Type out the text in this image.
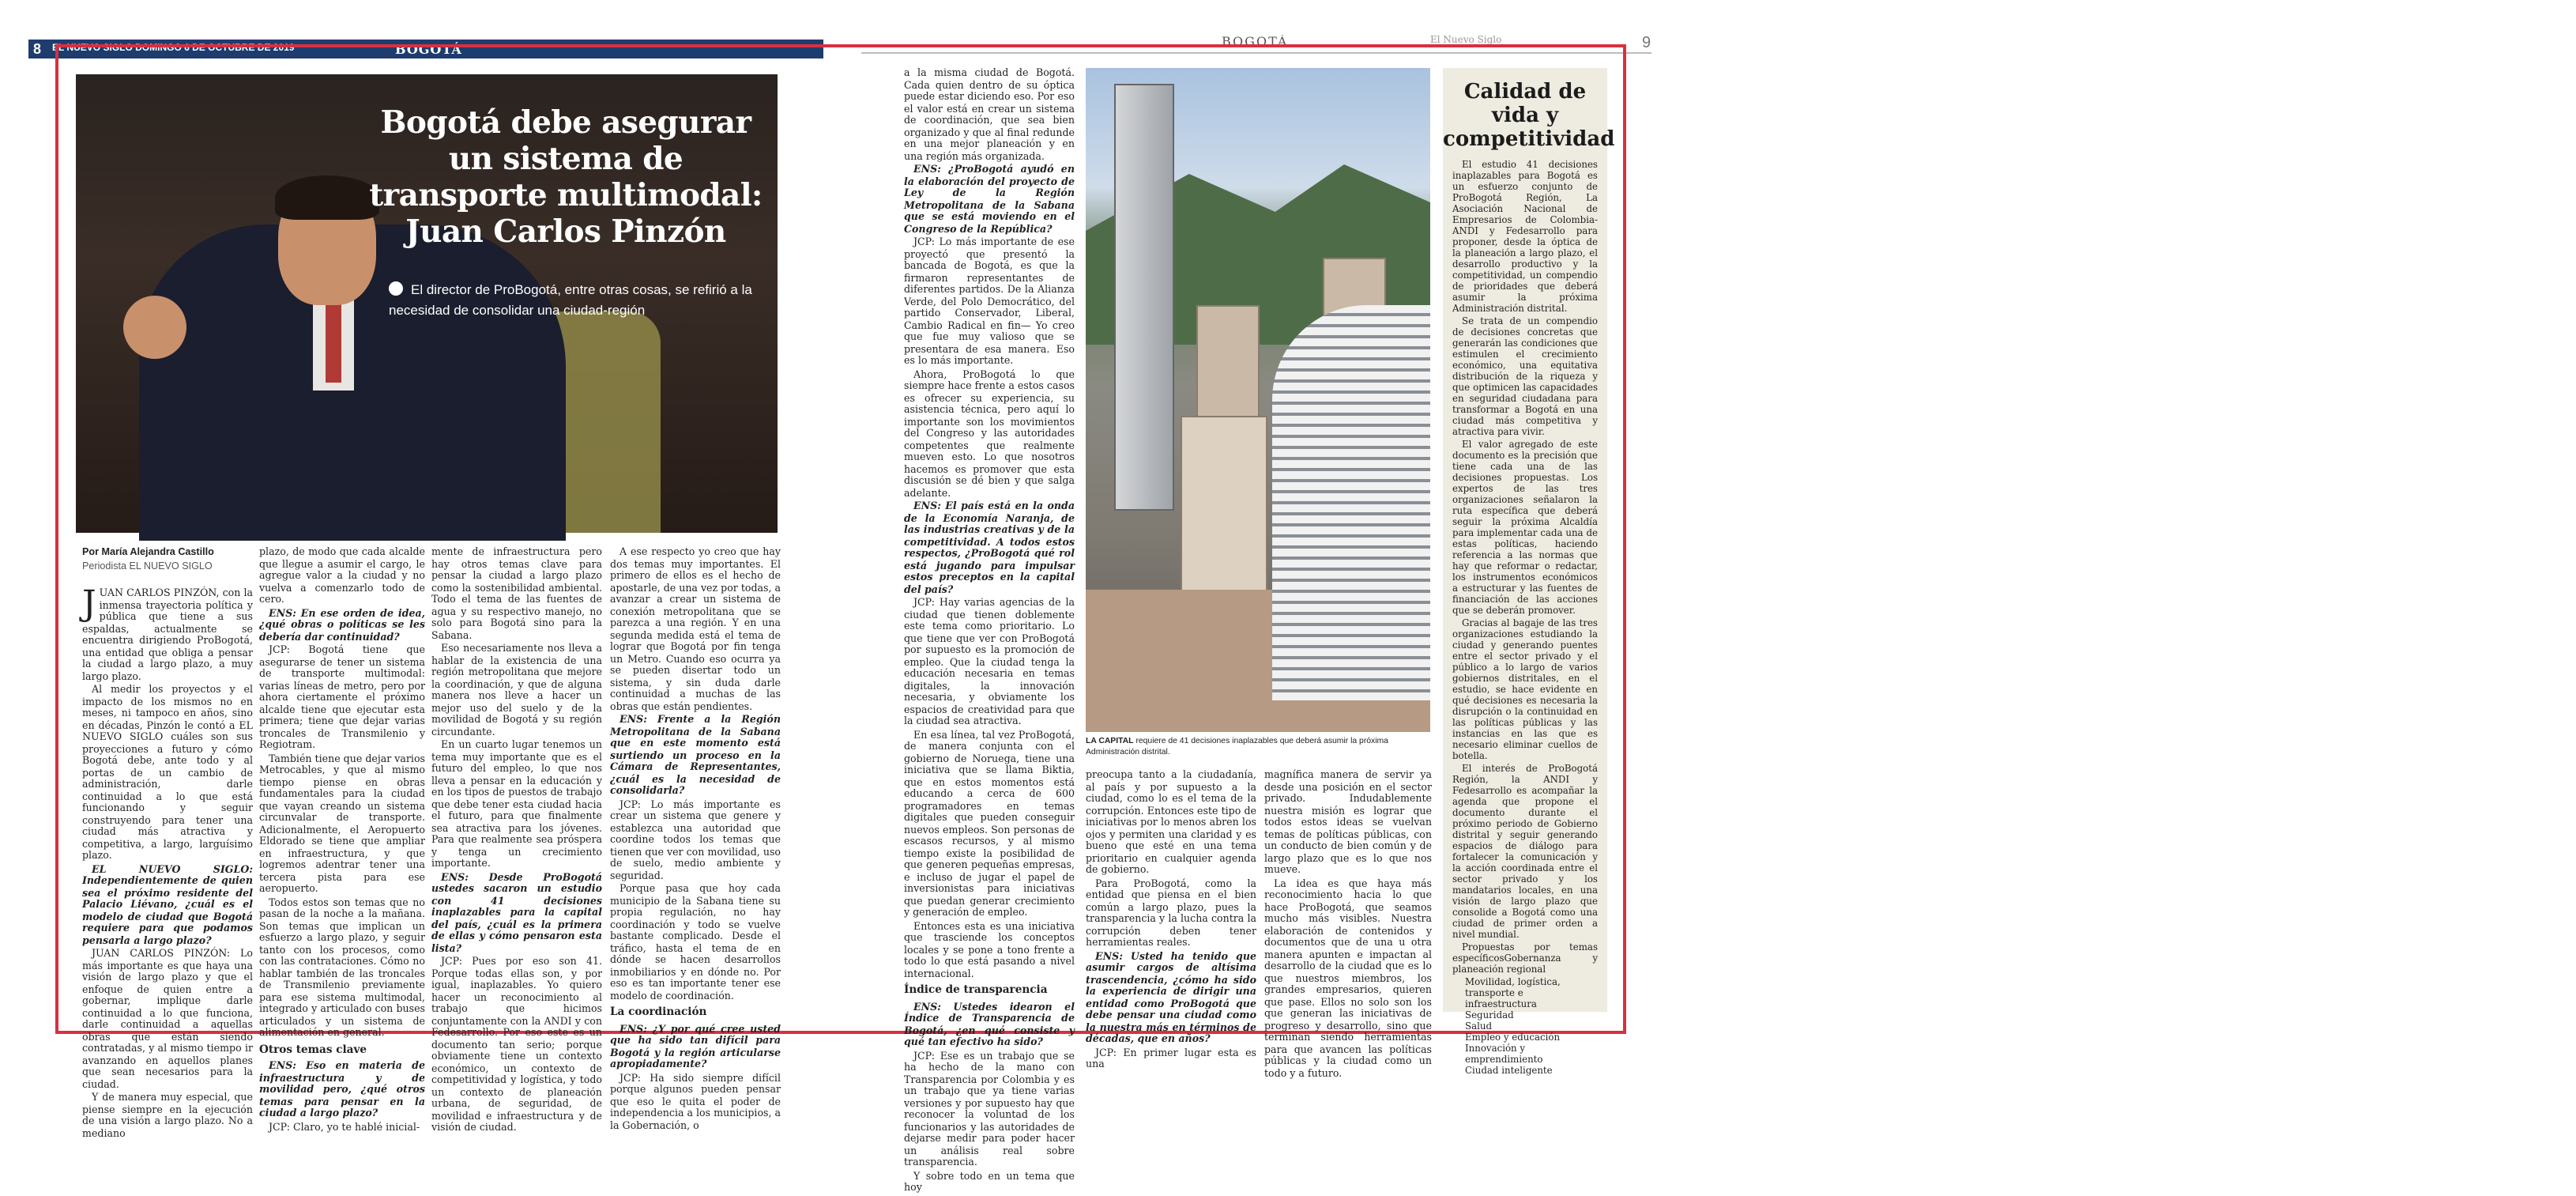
8 EL NUEVO SIGLO DOMINGO 6 DE OCTUBRE DE 2019	BOGOTÁ	BOGOTÁ	El Nuevo Siglo	9
Bogotá debe asegurar un sistema de transporte multimodal: Juan Carlos Pinzón
El director de ProBogotá, entre otras cosas, se refirió a la necesidad de consolidar una ciudad-región

Por María Alejandra Castillo

Periodista EL NUEVO SIGLO

JUAN CARLOS PINZÓN, con la inmensa trayectoria política y pública que tiene a sus espaldas, actualmente se encuentra dirigiendo ProBogotá, una entidad que obliga a pensar la ciudad a largo plazo, a muy largo plazo.

Al medir los proyectos y el impacto de los mismos no en meses, ni tampoco en años, sino en décadas, Pinzón le contó a EL NUEVO SIGLO cuáles son sus proyecciones a futuro y cómo Bogotá debe, ante todo y al portas de un cambio de administración, darle continuidad a lo que está funcionando y seguir construyendo para tener una ciudad más atractiva y competitiva, a largo, larguísimo plazo.

EL NUEVO SIGLO: Independientemente de quien sea el próximo residente del Palacio Liévano, ¿cuál es el modelo de ciudad que Bogotá requiere para que podamos pensarla a largo plazo?

JUAN CARLOS PINZÓN: Lo más importante es que haya una visión de largo plazo y que el enfoque de quien entre a gobernar, implique darle continuidad a lo que funciona, darle continuidad a aquellas obras que están siendo contratadas, y al mismo tiempo ir avanzando en aquellos planes que sean necesarios para la ciudad.

Y de manera muy especial, que piense siempre en la ejecución de una visión a largo plazo. No a mediano

plazo, de modo que cada alcalde que llegue a asumir el cargo, le agregue valor a la ciudad y no vuelva a comenzarlo todo de cero.

ENS: En ese orden de idea, ¿qué obras o políticas se les debería dar continuidad?

JCP: Bogotá tiene que asegurarse de tener un sistema de transporte multimodal: varias líneas de metro, pero por ahora ciertamente el próximo alcalde tiene que ejecutar esta primera; tiene que dejar varias troncales de Transmilenio y Regiotram.

También tiene que dejar varios Metrocables, y que al mismo tiempo piense en obras fundamentales para la ciudad que vayan creando un sistema circunvalar de transporte. Adicionalmente, el Aeropuerto Eldorado se tiene que ampliar en infraestructura, y que logremos adentrar tener una tercera pista para ese aeropuerto.

Todos estos son temas que no pasan de la noche a la mañana. Son temas que implican un esfuerzo a largo plazo, y seguir tanto con los procesos, como con las contrataciones. Cómo no hablar también de las troncales de Transmilenio previamente para ese sistema multimodal, integrado y articulado con buses articulados y un sistema de alimentación en general.

Otros temas clave

ENS: Eso en materia de infraestructura y de movilidad pero, ¿qué otros temas para pensar en la ciudad a largo plazo?

JCP: Claro, yo te hablé inicial-

mente de infraestructura pero hay otros temas clave para pensar la ciudad a largo plazo como la sostenibilidad ambiental. Todo el tema de las fuentes de agua y su respectivo manejo, no solo para Bogotá sino para la Sabana.

Eso necesariamente nos lleva a hablar de la existencia de una región metropolitana que mejore la coordinación, y que de alguna manera nos lleve a hacer un mejor uso del suelo y de la movilidad de Bogotá y su región circundante.

En un cuarto lugar tenemos un tema muy importante que es el futuro del empleo, lo que nos lleva a pensar en la educación y en los tipos de puestos de trabajo que debe tener esta ciudad hacia el futuro, para que finalmente sea atractiva para los jóvenes. Para que realmente sea próspera y tenga un crecimiento importante.

ENS: Desde ProBogotá ustedes sacaron un estudio con 41 decisiones inaplazables para la capital del país, ¿cuál es la primera de ellas y cómo pensaron esta lista?

JCP: Pues por eso son 41. Porque todas ellas son, y por igual, inaplazables. Yo quiero hacer un reconocimiento al trabajo que hicimos conjuntamente con la ANDI y con Fedesarrollo. Por eso este es un documento tan serio; porque obviamente tiene un contexto económico, un contexto de competitividad y logística, y todo un contexto de planeación urbana, de seguridad, de movilidad e infraestructura y de visión de ciudad.

A ese respecto yo creo que hay dos temas muy importantes. El primero de ellos es el hecho de apostarle, de una vez por todas, a avanzar a crear un sistema de conexión metropolitana que se parezca a una región. Y en una segunda medida está el tema de lograr que Bogotá por fin tenga un Metro. Cuando eso ocurra ya se pueden disertar todo un sistema, y sin duda darle continuidad a muchas de las obras que están pendientes.

ENS: Frente a la Región Metropolitana de la Sabana que en este momento está surtiendo un proceso en la Cámara de Representantes, ¿cuál es la necesidad de consolidarla?

JCP: Lo más importante es crear un sistema que genere y establezca una autoridad que coordine todos los temas que tienen que ver con movilidad, uso de suelo, medio ambiente y seguridad.

Porque pasa que hoy cada municipio de la Sabana tiene su propia regulación, no hay coordinación y todo se vuelve bastante complicado. Desde el tráfico, hasta el tema de en dónde se hacen desarrollos inmobiliarios y en dónde no. Por eso es tan importante tener ese modelo de coordinación.

La coordinación

ENS: ¿Y por qué cree usted que ha sido tan difícil para Bogotá y la región articularse apropiadamente?

JCP: Ha sido siempre difícil porque algunos pueden pensar que eso le quita el poder de independencia a los municipios, a la Gobernación, o

a la misma ciudad de Bogotá. Cada quien dentro de su óptica puede estar diciendo eso. Por eso el valor está en crear un sistema de coordinación, que sea bien organizado y que al final redunde en una mejor planeación y en una región más organizada.

ENS: ¿ProBogotá ayudó en la elaboración del proyecto de Ley de la Región Metropolitana de la Sabana que se está moviendo en el Congreso de la República?

JCP: Lo más importante de ese proyectó que presentó la bancada de Bogotá, es que la firmaron representantes de diferentes partidos. De la Alianza Verde, del Polo Democrático, del partido Conservador, Liberal, Cambio Radical en fin— Yo creo que fue muy valioso que se presentara de esa manera. Eso es lo más importante.

Ahora, ProBogotá lo que siempre hace frente a estos casos es ofrecer su experiencia, su asistencia técnica, pero aquí lo importante son los movimientos del Congreso y las autoridades competentes que realmente mueven esto. Lo que nosotros hacemos es promover que esta discusión se dé bien y que salga adelante.

ENS: El país está en la onda de la Economía Naranja, de las industrias creativas y de la competitividad. A todos estos respectos, ¿ProBogotá qué rol está jugando para impulsar estos preceptos en la capital del país?

JCP: Hay varias agencias de la ciudad que tienen doblemente este tema como prioritario. Lo que tiene que ver con ProBogotá por supuesto es la promoción de empleo. Que la ciudad tenga la educación necesaria en temas digitales, la innovación necesaria, y obviamente los espacios de creatividad para que la ciudad sea atractiva.

En esa línea, tal vez ProBogotá, de manera conjunta con el gobierno de Noruega, tiene una iniciativa que se llama Biktia, que en estos momentos está educando a cerca de 600 programadores en temas digitales que pueden conseguir nuevos empleos. Son personas de escasos recursos, y al mismo tiempo existe la posibilidad de que generen pequeñas empresas, e incluso de jugar el papel de inversionistas para iniciativas que puedan generar crecimiento y generación de empleo.

Entonces esta es una iniciativa que trasciende los conceptos locales y se pone a tono frente a todo lo que está pasando a nivel internacional.

Índice de transparencia

ENS: Ustedes idearon el Índice de Transparencia de Bogotá, ¿en qué consiste y qué tan efectivo ha sido?

JCP: Ese es un trabajo que se ha hecho de la mano con Transparencia por Colombia y es un trabajo que ya tiene varias versiones y por supuesto hay que reconocer la voluntad de los funcionarios y las autoridades de dejarse medir para poder hacer un análisis real sobre transparencia.

Y sobre todo en un tema que hoy

LA CAPITAL requiere de 41 decisiones inaplazables que deberá asumir la próxima Administración distrital.

preocupa tanto a la ciudadanía, al país y por supuesto a la ciudad, como lo es el tema de la corrupción. Entonces este tipo de iniciativas por lo menos abren los ojos y permiten una claridad y es bueno que esté en una tema prioritario en cualquier agenda de gobierno.

Para ProBogotá, como la entidad que piensa en el bien común a largo plazo, pues la transparencia y la lucha contra la corrupción deben tener herramientas reales.

ENS: Usted ha tenido que asumir cargos de altísima trascendencia, ¿cómo ha sido la experiencia de dirigir una entidad como ProBogotá que debe pensar una ciudad como la nuestra más en términos de décadas, que en años?

JCP: En primer lugar esta es una

magnífica manera de servir ya desde una posición en el sector privado. Indudablemente nuestra misión es lograr que todos estos ideas se vuelvan temas de políticas públicas, con un conducto de bien común y de largo plazo que es lo que nos mueve.

La idea es que haya más reconocimiento hacia lo que hace ProBogotá, que seamos mucho más visibles. Nuestra elaboración de contenidos y documentos que de una u otra manera apunten e impactan al desarrollo de la ciudad que es lo que nuestros miembros, los grandes empresarios, quieren que pase. Ellos no solo son los que generan las iniciativas de progreso y desarrollo, sino que terminan siendo herramientas para que avancen las políticas públicas y la ciudad como un todo y a futuro.

Calidad de vida y competitividad

El estudio 41 decisiones inaplazables para Bogotá es un esfuerzo conjunto de ProBogotá Región, La Asociación Nacional de Empresarios de Colombia-ANDI y Fedesarrollo para proponer, desde la óptica de la planeación a largo plazo, el desarrollo productivo y la competitividad, un compendio de prioridades que deberá asumir la próxima Administración distrital.

Se trata de un compendio de decisiones concretas que generarán las condiciones que estimulen el crecimiento económico, una equitativa distribución de la riqueza y que optimicen las capacidades en seguridad ciudadana para transformar a Bogotá en una ciudad más competitiva y atractiva para vivir.

El valor agregado de este documento es la precisión que tiene cada una de las decisiones propuestas. Los expertos de las tres organizaciones señalaron la ruta específica que deberá seguir la próxima Alcaldía para implementar cada una de estas políticas, haciendo referencia a las normas que hay que reformar o redactar, los instrumentos económicos a estructurar y las fuentes de financiación de las acciones que se deberán promover.

Gracias al bagaje de las tres organizaciones estudiando la ciudad y generando puentes entre el sector privado y el público a lo largo de varios gobiernos distritales, en el estudio, se hace evidente en qué decisiones es necesaria la disrupción o la continuidad en las políticas públicas y las instancias en las que es necesario eliminar cuellos de botella.

El interés de ProBogotá Región, la ANDI y Fedesarrollo es acompañar la agenda que propone el documento durante el próximo periodo de Gobierno distrital y seguir generando espacios de diálogo para fortalecer la comunicación y la acción coordinada entre el sector privado y los mandatarios locales, en una visión de largo plazo que consolide a Bogotá como una ciudad de primer orden a nivel mundial.

Propuestas por temas específicosGobernanza y planeación regional

Movilidad, logística, transporte e infraestructura
Seguridad
Salud
Empleo y educación
Innovación y emprendimiento
Ciudad inteligente
